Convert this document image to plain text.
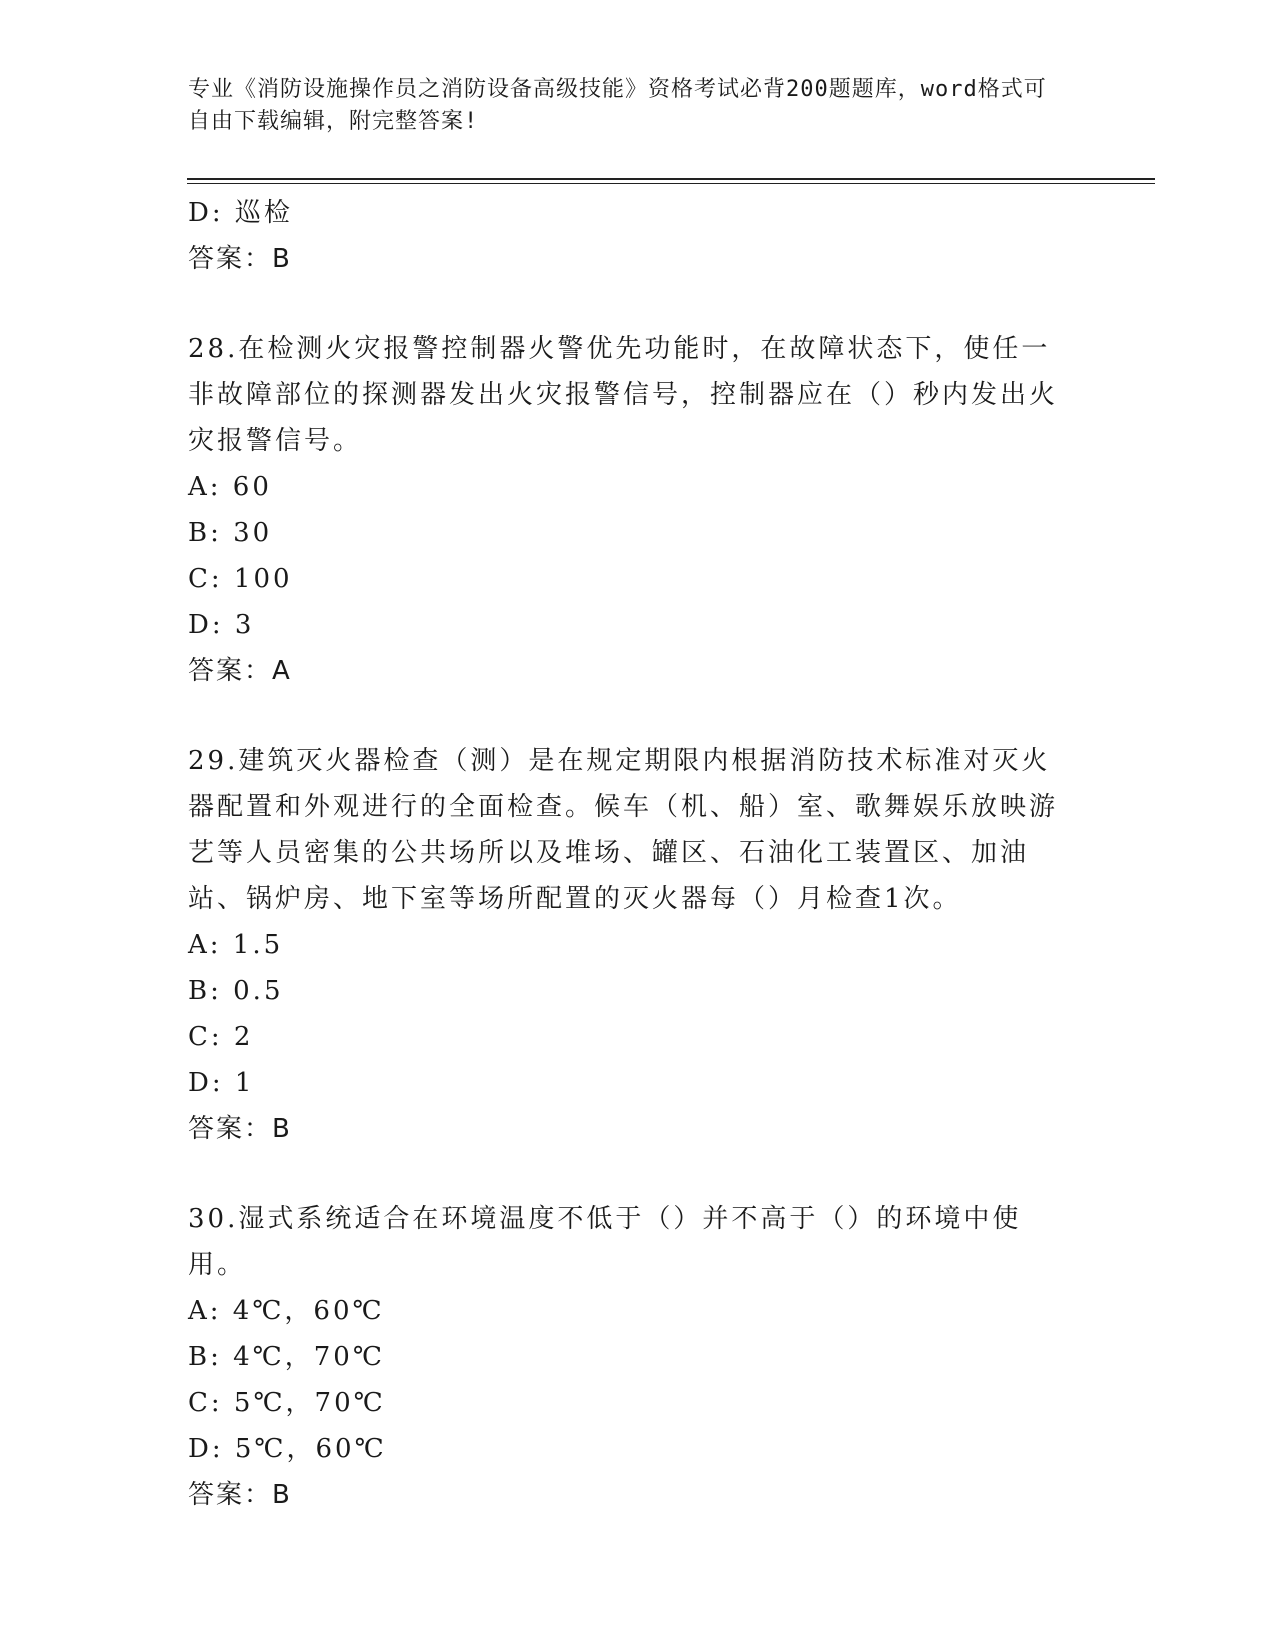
专业《消防设施操作员之消防设备高级技能》资格考试必背200题题库，word格式可自由下载编辑，附完整答案!
D: 巡检
答案：B
28.在检测火灾报警控制器火警优先功能时，在故障状态下，使任一非故障部位的探测器发出火灾报警信号，控制器应在（）秒内发出火灾报警信号。
A: 60
B: 30
C: 100
D: 3
答案：A
29.建筑灭火器检查（测）是在规定期限内根据消防技术标准对灭火器配置和外观进行的全面检查。候车（机、船）室、歌舞娱乐放映游艺等人员密集的公共场所以及堆场、罐区、石油化工装置区、加油站、锅炉房、地下室等场所配置的灭火器每（）月检查1次。
A: 1.5
B: 0.5
C: 2
D: 1
答案：B
30.湿式系统适合在环境温度不低于（）并不高于（）的环境中使用。
A: 4℃，60℃
B: 4℃，70℃
C: 5℃，70℃
D: 5℃，60℃
答案：B
